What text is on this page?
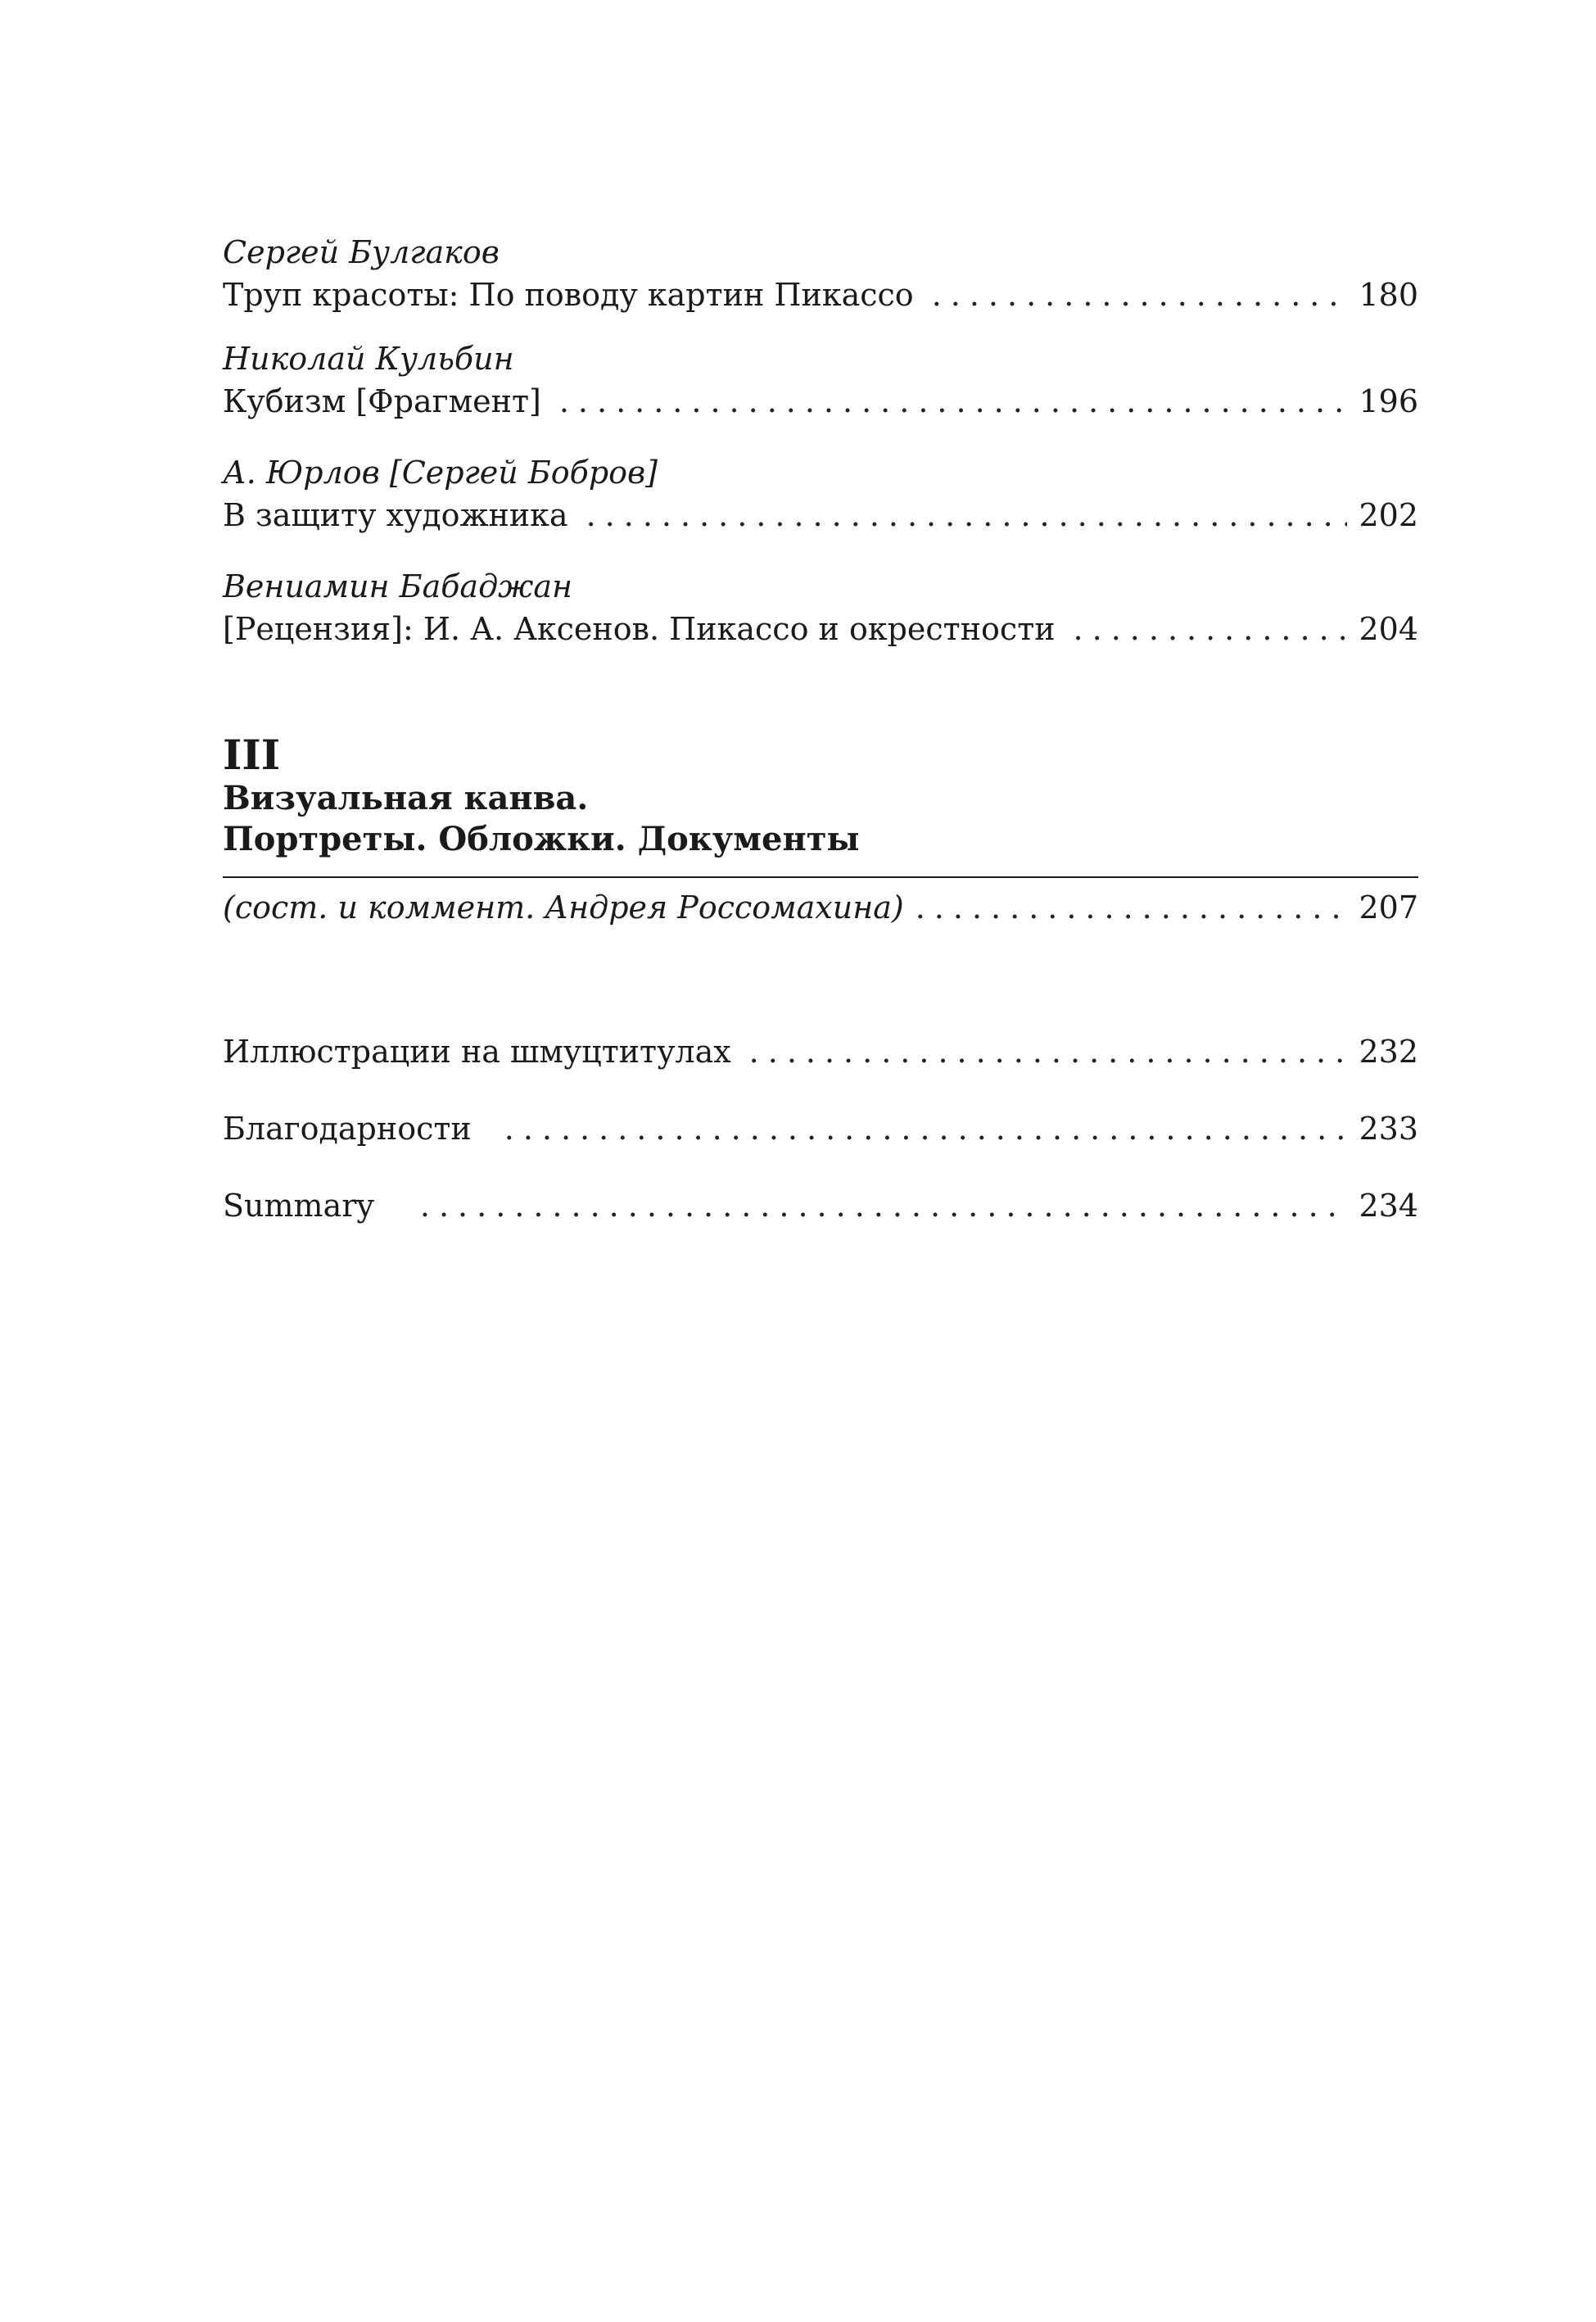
Сергей Булгаков
Труп красоты: По поводу картин Пикассо .....	180
Николай Кульбин
Кубизм [Фрагмент] .....	196
А. Юрлов [Сергей Бобров]
В защиту художника .....	202
Вениамин Бабаджан
[Рецензия]: И. А. Аксенов. Пикассо и окрестности .....	204
III
Визуальная канва.
Портреты. Обложки. Документы
(сост. и коммент. Андрея Россомахина) .....	207
Иллюстрации на шмуцтитулах .....	232
Благодарности .....	233
Summary .....	234
